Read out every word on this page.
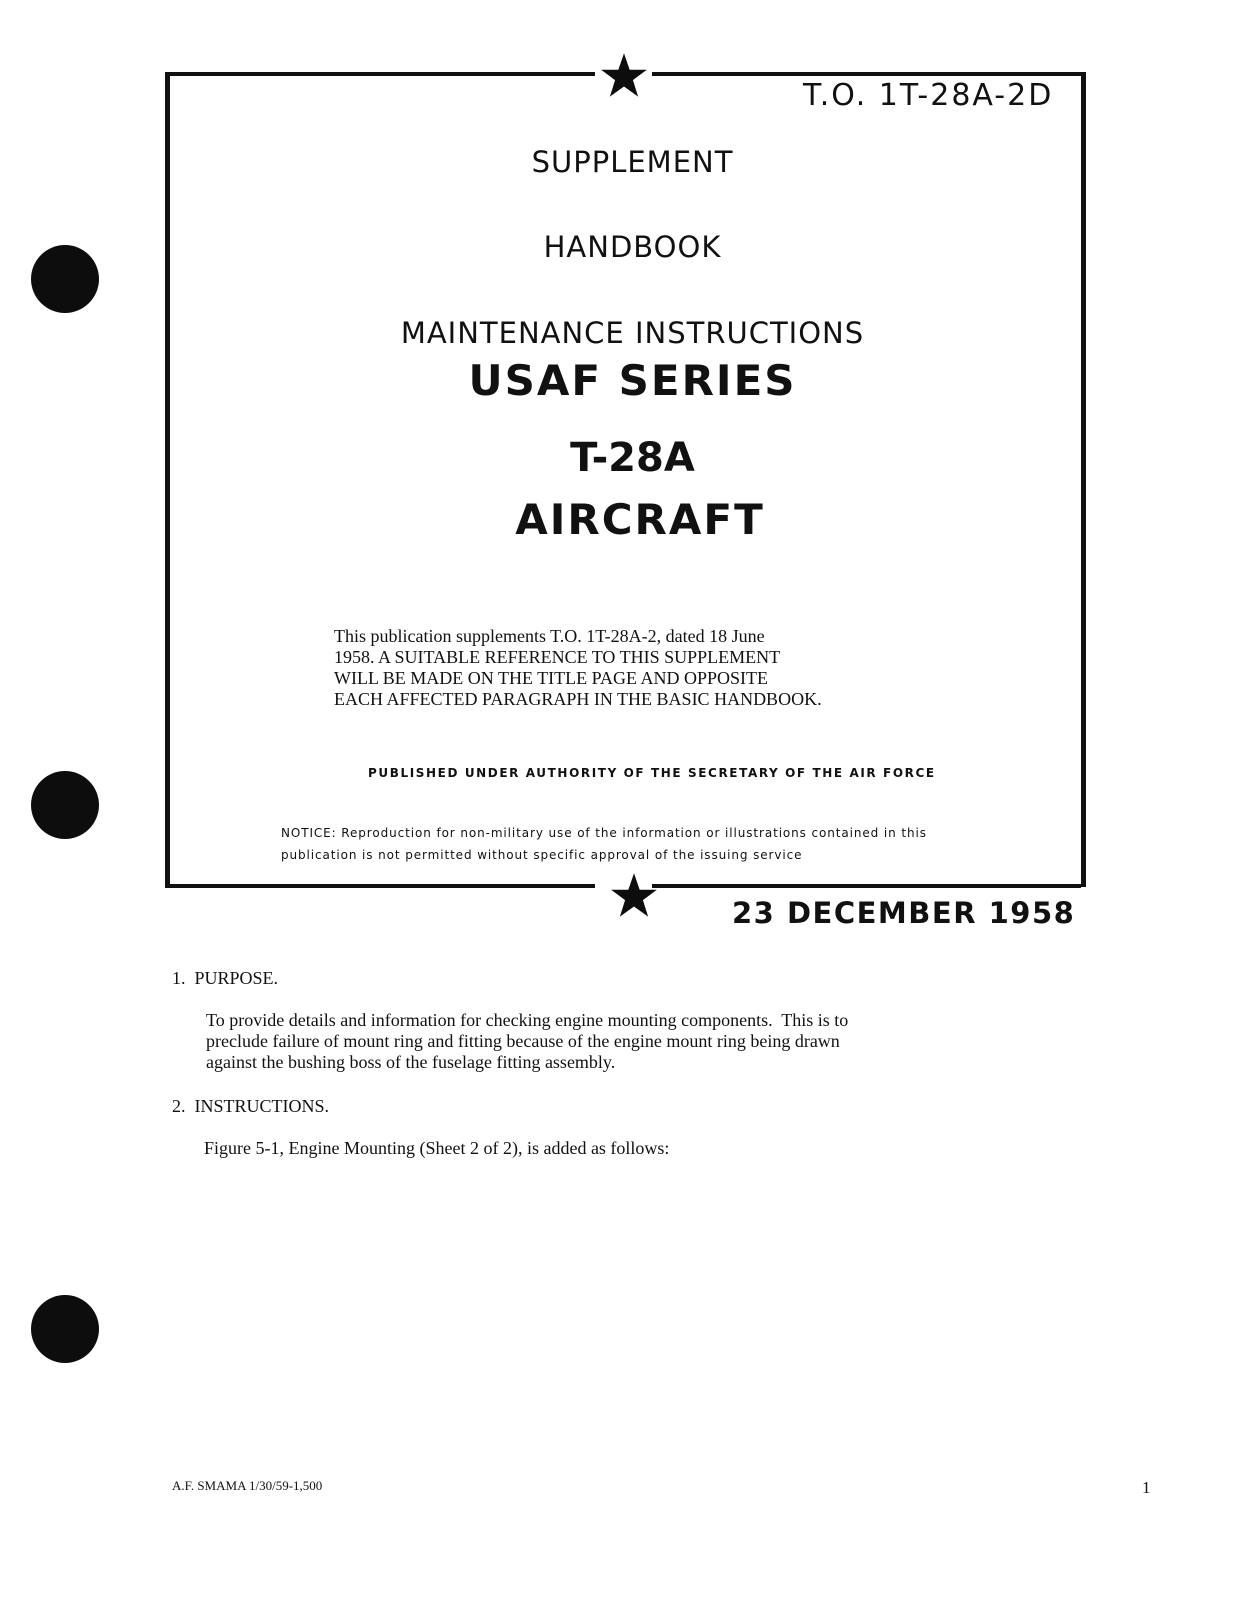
T.O. 1T-28A-2D
SUPPLEMENT
HANDBOOK
MAINTENANCE INSTRUCTIONS
USAF SERIES
T-28A
AIRCRAFT
This publication supplements T.O. 1T-28A-2, dated 18 June
1958. A SUITABLE REFERENCE TO THIS SUPPLEMENT
WILL BE MADE ON THE TITLE PAGE AND OPPOSITE
EACH AFFECTED PARAGRAPH IN THE BASIC HANDBOOK.
PUBLISHED UNDER AUTHORITY OF THE SECRETARY OF THE AIR FORCE
NOTICE: Reproduction for non-military use of the information or illustrations contained in this
publication is not permitted without specific approval of the issuing service
23 DECEMBER 1958
1.  PURPOSE.
To provide details and information for checking engine mounting components.  This is to
preclude failure of mount ring and fitting because of the engine mount ring being drawn
against the bushing boss of the fuselage fitting assembly.
2.  INSTRUCTIONS.
Figure 5-1, Engine Mounting (Sheet 2 of 2), is added as follows:
A.F. SMAMA 1/30/59-1,500	1
